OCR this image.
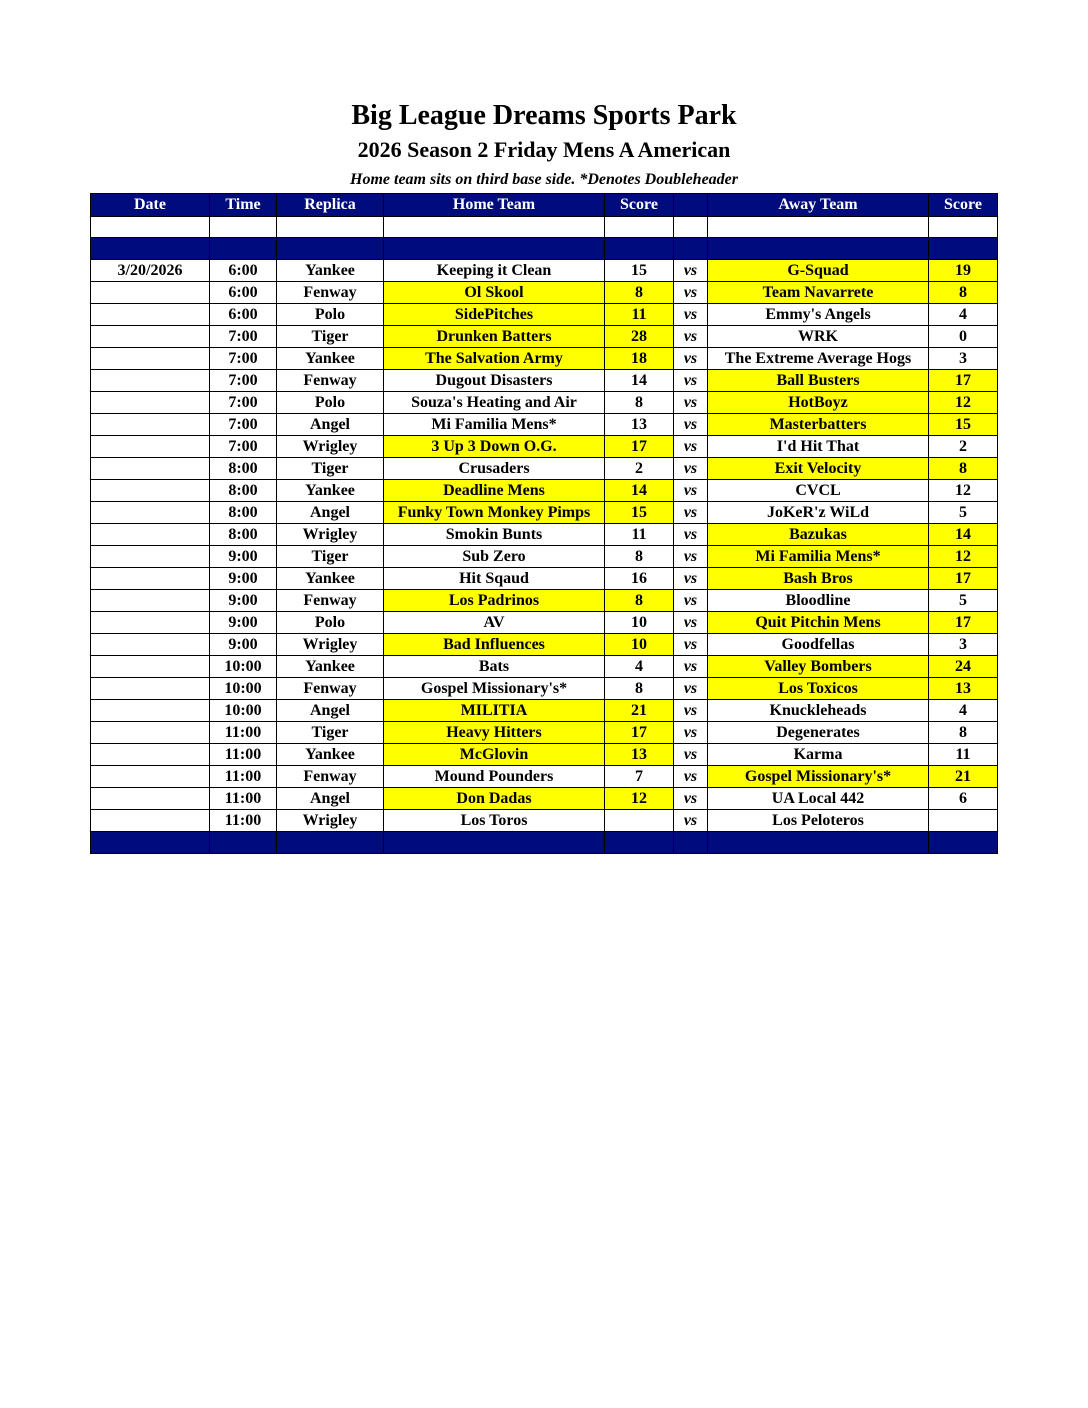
Big League Dreams Sports Park
2026 Season 2 Friday Mens A American
Home team sits on third base side. *Denotes Doubleheader
Date	Time	Replica	Home Team	Score		Away Team	Score

3/20/2026	6:00	Yankee	Keeping it Clean	15	vs	G-Squad	19
	6:00	Fenway	Ol Skool	8	vs	Team Navarrete	8
	6:00	Polo	SidePitches	11	vs	Emmy's Angels	4
	7:00	Tiger	Drunken Batters	28	vs	WRK	0
	7:00	Yankee	The Salvation Army	18	vs	The Extreme Average Hogs	3
	7:00	Fenway	Dugout Disasters	14	vs	Ball Busters	17
	7:00	Polo	Souza's Heating and Air	8	vs	HotBoyz	12
	7:00	Angel	Mi Familia Mens*	13	vs	Masterbatters	15
	7:00	Wrigley	3 Up 3 Down O.G.	17	vs	I'd Hit That	2
	8:00	Tiger	Crusaders	2	vs	Exit Velocity	8
	8:00	Yankee	Deadline Mens	14	vs	CVCL	12
	8:00	Angel	Funky Town Monkey Pimps	15	vs	JoKeR'z WiLd	5
	8:00	Wrigley	Smokin Bunts	11	vs	Bazukas	14
	9:00	Tiger	Sub Zero	8	vs	Mi Familia Mens*	12
	9:00	Yankee	Hit Sqaud	16	vs	Bash Bros	17
	9:00	Fenway	Los Padrinos	8	vs	Bloodline	5
	9:00	Polo	AV	10	vs	Quit Pitchin Mens	17
	9:00	Wrigley	Bad Influences	10	vs	Goodfellas	3
	10:00	Yankee	Bats	4	vs	Valley Bombers	24
	10:00	Fenway	Gospel Missionary's*	8	vs	Los Toxicos	13
	10:00	Angel	MILITIA	21	vs	Knuckleheads	4
	11:00	Tiger	Heavy Hitters	17	vs	Degenerates	8
	11:00	Yankee	McGlovin	13	vs	Karma	11
	11:00	Fenway	Mound Pounders	7	vs	Gospel Missionary's*	21
	11:00	Angel	Don Dadas	12	vs	UA Local 442	6
	11:00	Wrigley	Los Toros		vs	Los Peloteros	
